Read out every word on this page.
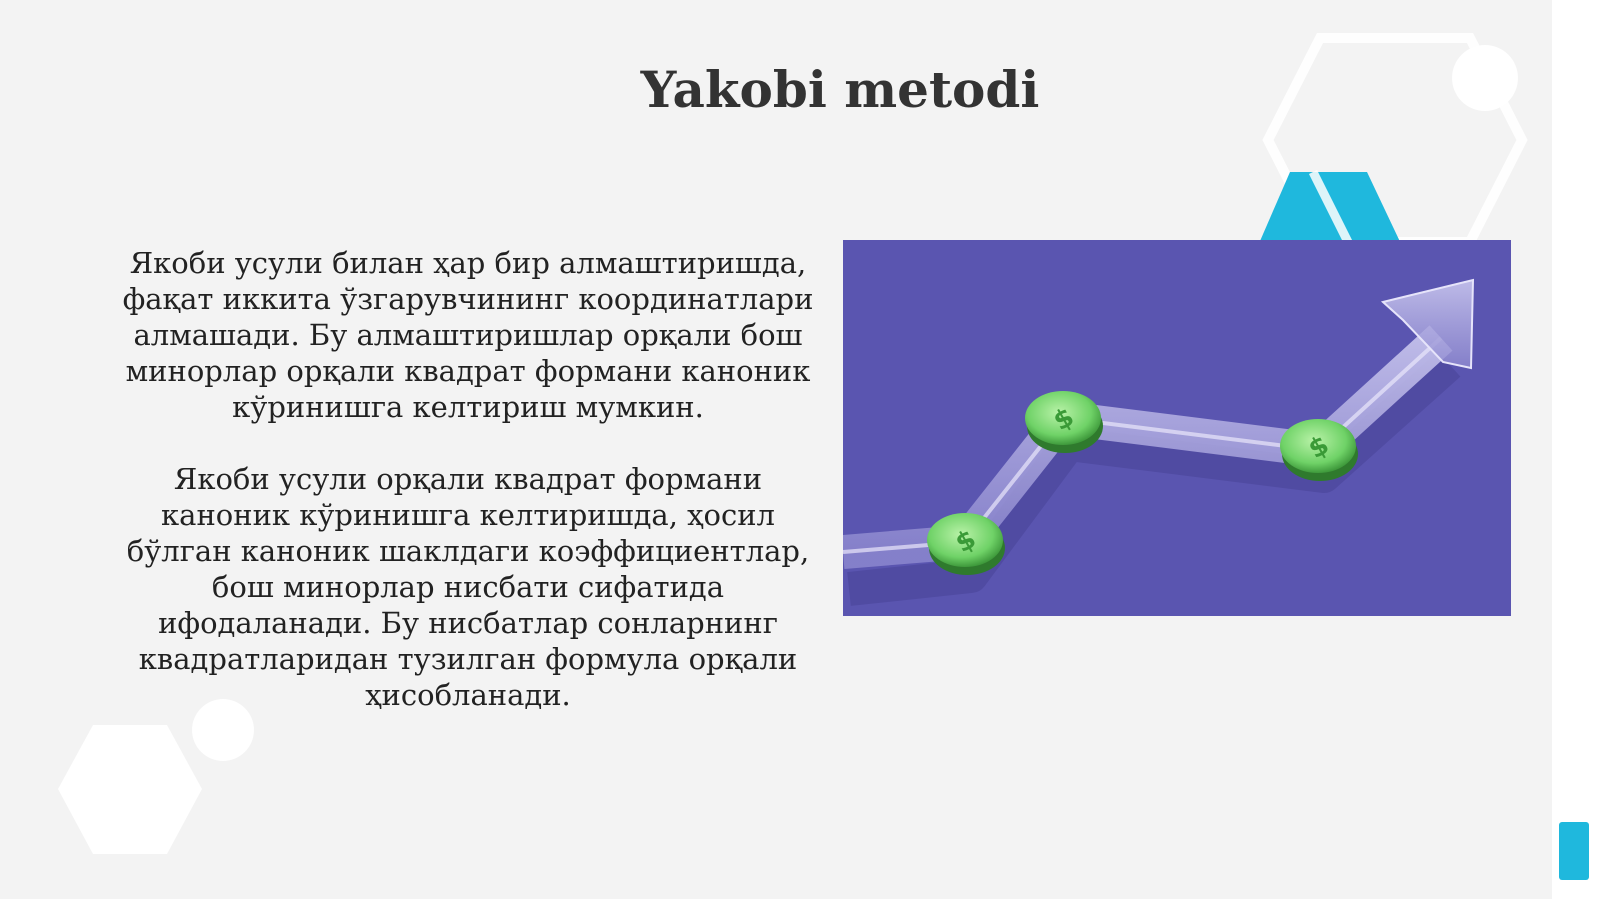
Yakobi metodi

Якоби усули билан ҳар бир алмаштиришда,
фақат иккита ўзгарувчининг координатлари
алмашади. Бу алмаштиришлар орқали бош
минорлар орқали квадрат формани каноник
кўринишга келтириш мумкин.

Якоби усули орқали квадрат формани
каноник кўринишга келтиришда, ҳосил
бўлган каноник шаклдаги коэффициентлар,
бош минорлар нисбати сифатида
ифодаланади. Бу нисбатлар сонларнинг
квадратларидан тузилган формула орқали
ҳисобланади.

$
$
$
